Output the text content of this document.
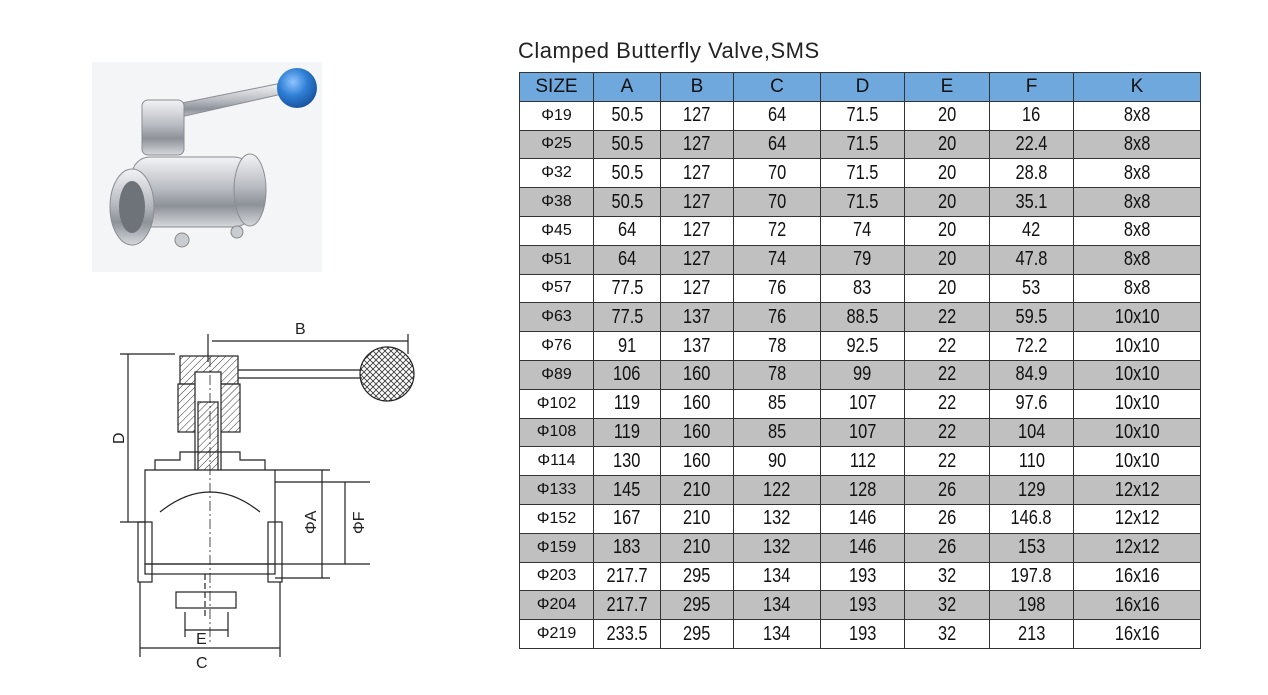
B
D
ΦA ΦF
E
C
Clamped Butterfly Valve,SMS
SIZE	A	B	C	D	E	F	K
Φ19	50.5	127	64	71.5	20	16	8x8
Φ25	50.5	127	64	71.5	20	22.4	8x8
Φ32	50.5	127	70	71.5	20	28.8	8x8
Φ38	50.5	127	70	71.5	20	35.1	8x8
Φ45	64	127	72	74	20	42	8x8
Φ51	64	127	74	79	20	47.8	8x8
Φ57	77.5	127	76	83	20	53	8x8
Φ63	77.5	137	76	88.5	22	59.5	10x10
Φ76	91	137	78	92.5	22	72.2	10x10
Φ89	106	160	78	99	22	84.9	10x10
Φ102	119	160	85	107	22	97.6	10x10
Φ108	119	160	85	107	22	104	10x10
Φ114	130	160	90	112	22	110	10x10
Φ133	145	210	122	128	26	129	12x12
Φ152	167	210	132	146	26	146.8	12x12
Φ159	183	210	132	146	26	153	12x12
Φ203	217.7	295	134	193	32	197.8	16x16
Φ204	217.7	295	134	193	32	198	16x16
Φ219	233.5	295	134	193	32	213	16x16
